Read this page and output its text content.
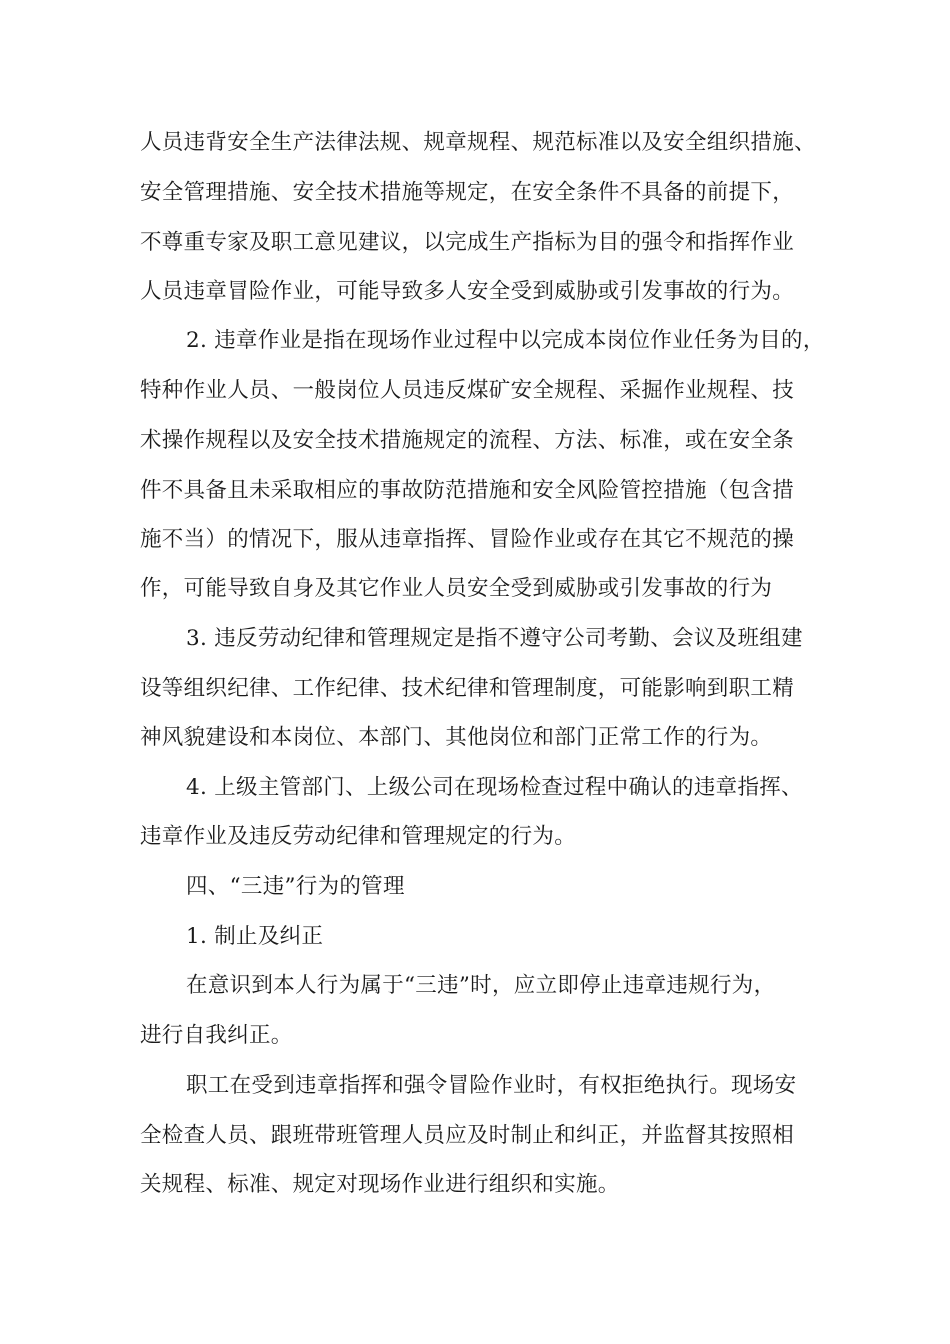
人员违背安全生产法律法规、规章规程、规范标准以及安全组织措施、
安全管理措施、安全技术措施等规定，在安全条件不具备的前提下，
不尊重专家及职工意见建议，以完成生产指标为目的强令和指挥作业
人员违章冒险作业，可能导致多人安全受到威胁或引发事故的行为。
2. 违章作业是指在现场作业过程中以完成本岗位作业任务为目的，
特种作业人员、一般岗位人员违反煤矿安全规程、采掘作业规程、技
术操作规程以及安全技术措施规定的流程、方法、标准，或在安全条
件不具备且未采取相应的事故防范措施和安全风险管控措施（包含措
施不当）的情况下，服从违章指挥、冒险作业或存在其它不规范的操
作，可能导致自身及其它作业人员安全受到威胁或引发事故的行为
3. 违反劳动纪律和管理规定是指不遵守公司考勤、会议及班组建
设等组织纪律、工作纪律、技术纪律和管理制度，可能影响到职工精
神风貌建设和本岗位、本部门、其他岗位和部门正常工作的行为。
4. 上级主管部门、上级公司在现场检查过程中确认的违章指挥、
违章作业及违反劳动纪律和管理规定的行为。
四、“三违”行为的管理
1. 制止及纠正
在意识到本人行为属于“三违”时，应立即停止违章违规行为，
进行自我纠正。
职工在受到违章指挥和强令冒险作业时，有权拒绝执行。现场安
全检查人员、跟班带班管理人员应及时制止和纠正，并监督其按照相
关规程、标准、规定对现场作业进行组织和实施。
